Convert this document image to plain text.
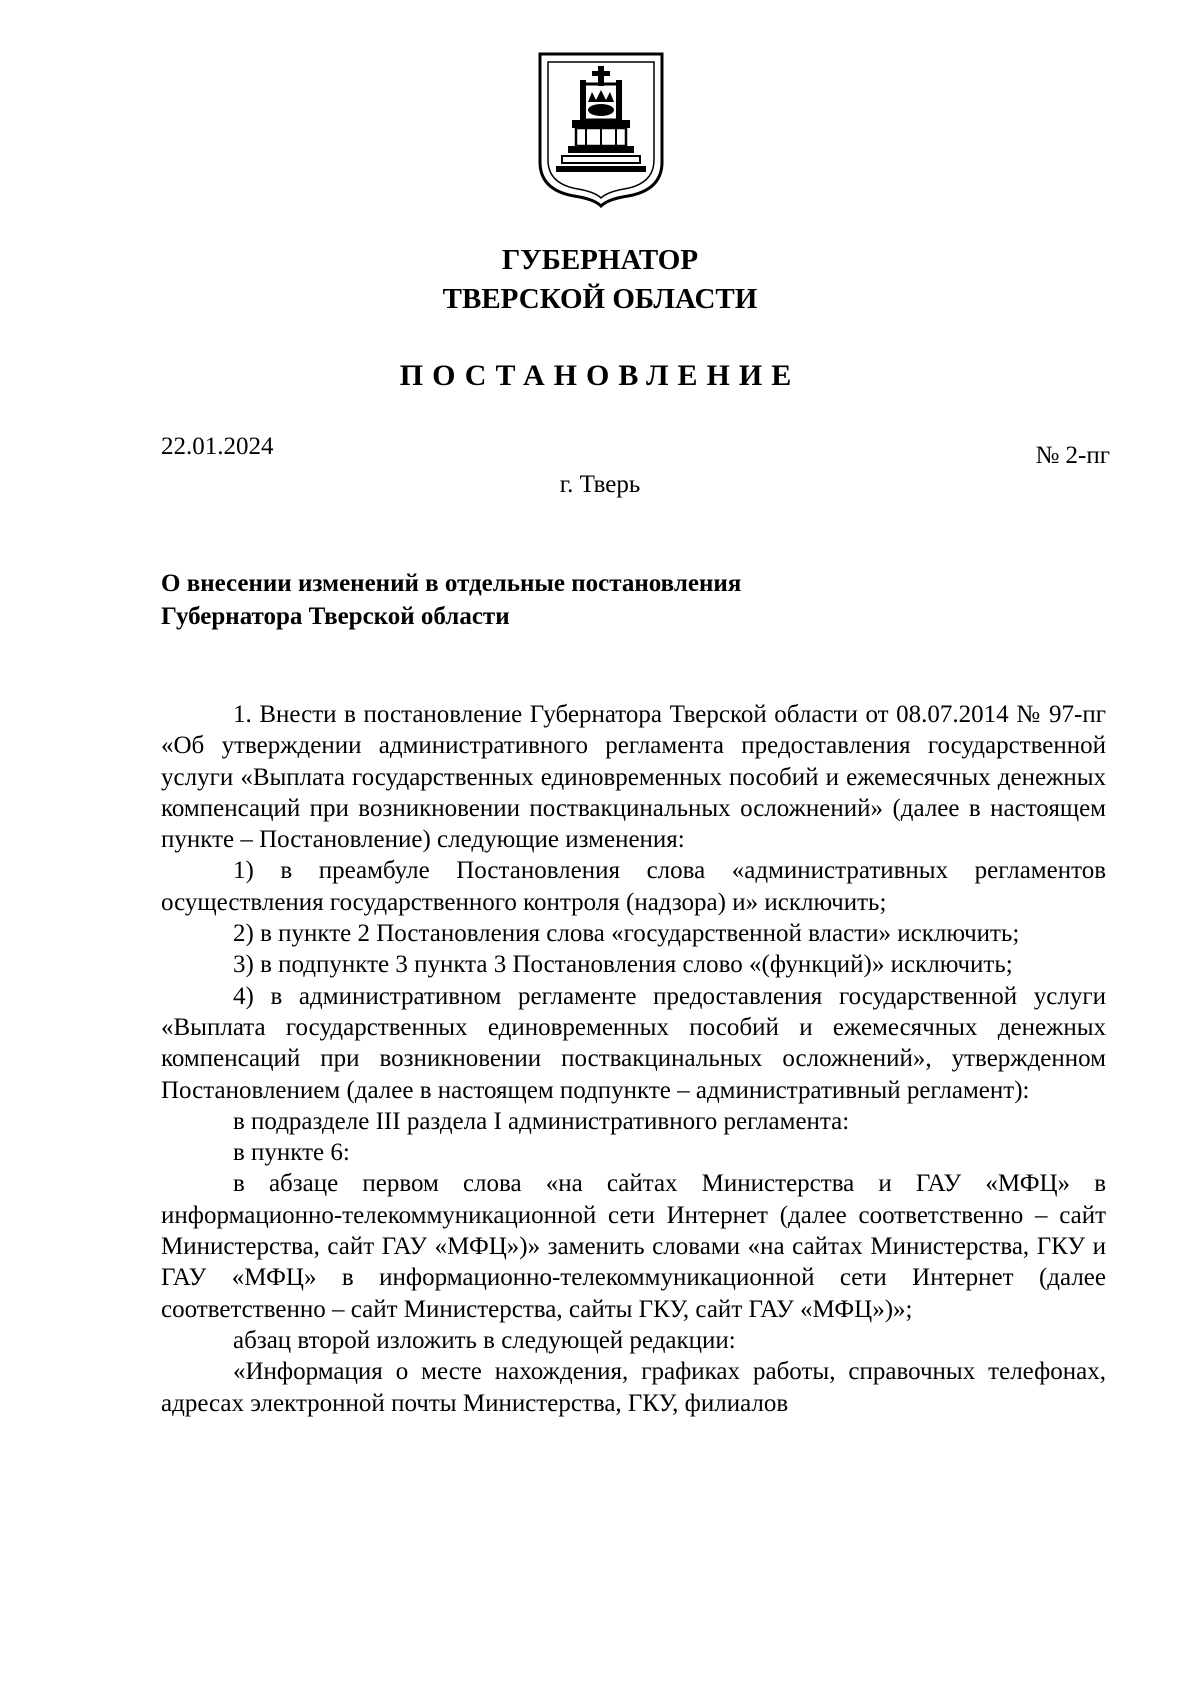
ГУБЕРНАТОР
ТВЕРСКОЙ ОБЛАСТИ
ПОСТАНОВЛЕНИЕ
22.01.2024	№ 2-пг
г. Тверь
О внесении изменений в отдельные постановления
Губернатора Тверской области

1. Внести в постановление Губернатора Тверской области от 08.07.2014 № 97-пг «Об утверждении административного регламента предоставления государственной услуги «Выплата государственных единовременных пособий и ежемесячных денежных компенсаций при возникновении поствакцинальных осложнений» (далее в настоящем пункте – Постановление) следующие изменения:

1) в преамбуле Постановления слова «административных регламентов осуществления государственного контроля (надзора) и» исключить;

2) в пункте 2 Постановления слова «государственной власти» исключить;

3) в подпункте 3 пункта 3 Постановления слово «(функций)» исключить;

4) в административном регламенте предоставления государственной услуги «Выплата государственных единовременных пособий и ежемесячных денежных компенсаций при возникновении поствакцинальных осложнений», утвержденном Постановлением (далее в настоящем подпункте – административный регламент):

в подразделе III раздела I административного регламента:

в пункте 6:

в абзаце первом слова «на сайтах Министерства и ГАУ «МФЦ» в информационно-телекоммуникационной сети Интернет (далее соответственно – сайт Министерства, сайт ГАУ «МФЦ»)» заменить словами «на сайтах Министерства, ГКУ и ГАУ «МФЦ» в информационно-телекоммуникационной сети Интернет (далее соответственно – сайт Министерства, сайты ГКУ, сайт ГАУ «МФЦ»)»;

абзац второй изложить в следующей редакции:

«Информация о месте нахождения, графиках работы, справочных телефонах, адресах электронной почты Министерства, ГКУ, филиалов
